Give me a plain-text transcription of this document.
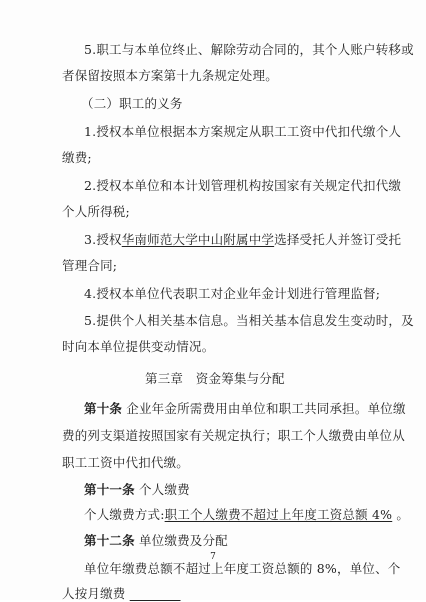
5.职工与本单位终止、解除劳动合同的，其个人账户转移或
者保留按照本方案第十九条规定处理。
（二）职工的义务
1.授权本单位根据本方案规定从职工工资中代扣代缴个人
缴费;
2.授权本单位和本计划管理机构按国家有关规定代扣代缴
个人所得税;
3.授权华南师范大学中山附属中学选择受托人并签订受托
管理合同;
4.授权本单位代表职工对企业年金计划进行管理监督;
5.提供个人相关基本信息。当相关基本信息发生变动时，及
时向本单位提供变动情况。
第三章　资金筹集与分配
第十条 企业年金所需费用由单位和职工共同承担。单位缴
费的列支渠道按照国家有关规定执行；职工个人缴费由单位从
职工工资中代扣代缴。
第十一条 个人缴费
个人缴费方式:职工个人缴费不超过上年度工资总额 4% 。
第十二条 单位缴费及分配
单位年缴费总额不超过上年度工资总额的 8%，单位、个
人按月缴费 　　　　
7
